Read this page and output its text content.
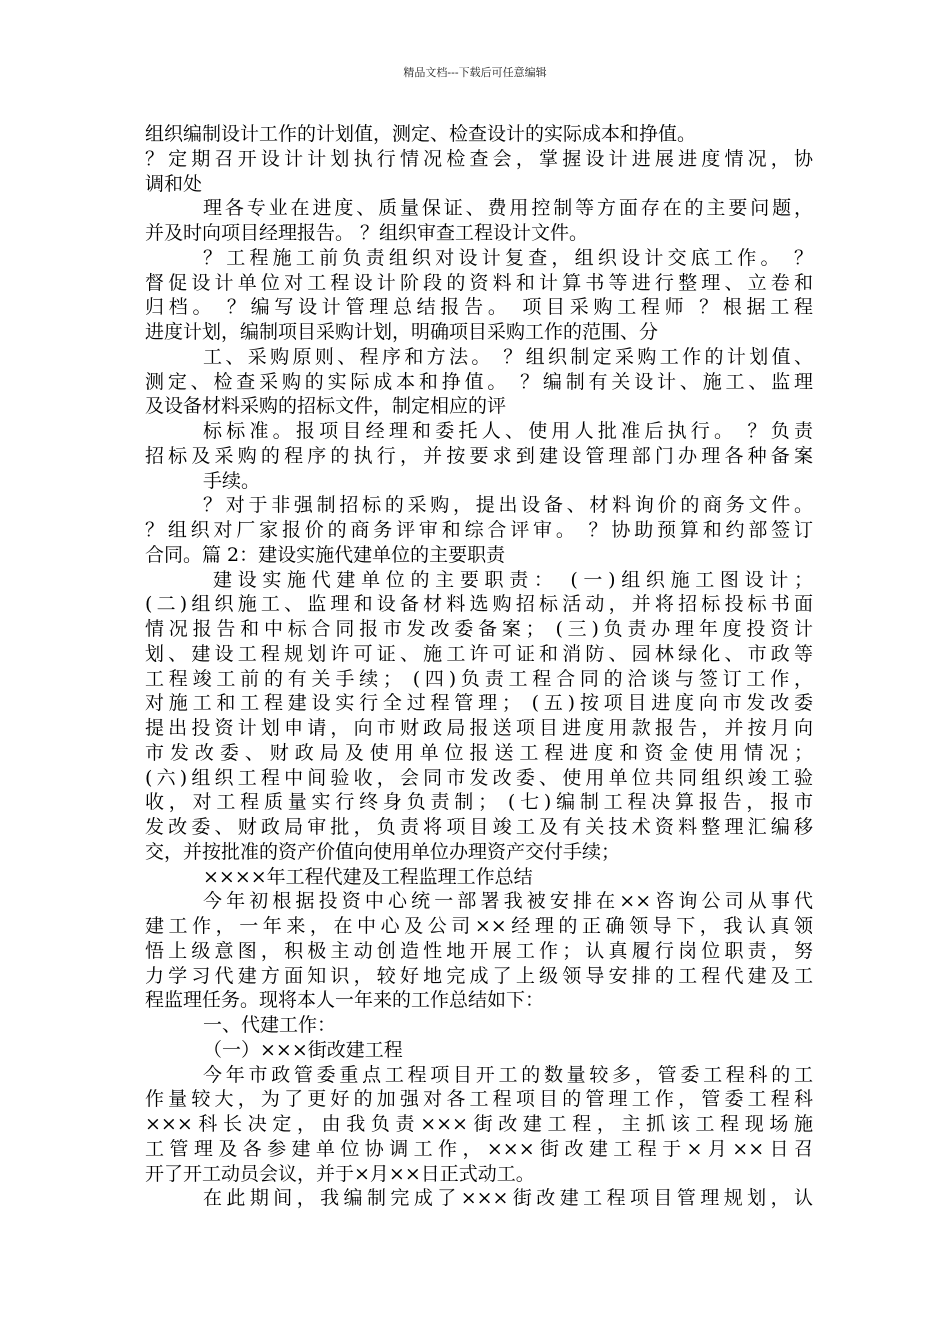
精品文档---下载后可任意编辑
组织编制设计工作的计划值，测定、检查设计的实际成本和挣值。
？定期召开设计计划执行情况检查会，掌握设计进展进度情况，协
调和处
理各专业在进度、质量保证、费用控制等方面存在的主要问题，
并及时向项目经理报告。 ？组织审查工程设计文件。
？工程施工前负责组织对设计复查，组织设计交底工作。 ？
督促设计单位对工程设计阶段的资料和计算书等进行整理、立卷和
归档。 ？编写设计管理总结报告。 项目采购工程师 ？根据工程
进度计划，编制项目采购计划，明确项目采购工作的范围、分
工、采购原则、程序和方法。 ？组织制定采购工作的计划值、
测定、检查采购的实际成本和挣值。 ？编制有关设计、施工、监理
及设备材料采购的招标文件，制定相应的评
标标准。报项目经理和委托人、使用人批准后执行。 ？负责
招标及采购的程序的执行，并按要求到建设管理部门办理各种备案
手续。
？对于非强制招标的采购，提出设备、材料询价的商务文件。
？组织对厂家报价的商务评审和综合评审。 ？协助预算和约部签订
合同。篇 2：建设实施代建单位的主要职责
建设实施代建单位的主要职责： (一)组织施工图设计；
(二)组织施工、监理和设备材料选购招标活动，并将招标投标书面
情况报告和中标合同报市发改委备案； (三)负责办理年度投资计
划、建设工程规划许可证、施工许可证和消防、园林绿化、市政等
工程竣工前的有关手续； (四)负责工程合同的洽谈与签订工作，
对施工和工程建设实行全过程管理； (五)按项目进度向市发改委
提出投资计划申请，向市财政局报送项目进度用款报告，并按月向
市发改委、财政局及使用单位报送工程进度和资金使用情况；
(六)组织工程中间验收，会同市发改委、使用单位共同组织竣工验
收，对工程质量实行终身负责制； (七)编制工程决算报告，报市
发改委、财政局审批，负责将项目竣工及有关技术资料整理汇编移
交，并按批准的资产价值向使用单位办理资产交付手续；
××××年工程代建及工程监理工作总结
今年初根据投资中心统一部署我被安排在××咨询公司从事代
建工作，一年来，在中心及公司××经理的正确领导下，我认真领
悟上级意图，积极主动创造性地开展工作；认真履行岗位职责，努
力学习代建方面知识，较好地完成了上级领导安排的工程代建及工
程监理任务。现将本人一年来的工作总结如下：
一、代建工作：
（一）×××街改建工程
今年市政管委重点工程项目开工的数量较多，管委工程科的工
作量较大，为了更好的加强对各工程项目的管理工作，管委工程科
×××科长决定，由我负责×××街改建工程，主抓该工程现场施
工管理及各参建单位协调工作，×××街改建工程于×月××日召
开了开工动员会议，并于×月××日正式动工。
在此期间，我编制完成了×××街改建工程项目管理规划，认
